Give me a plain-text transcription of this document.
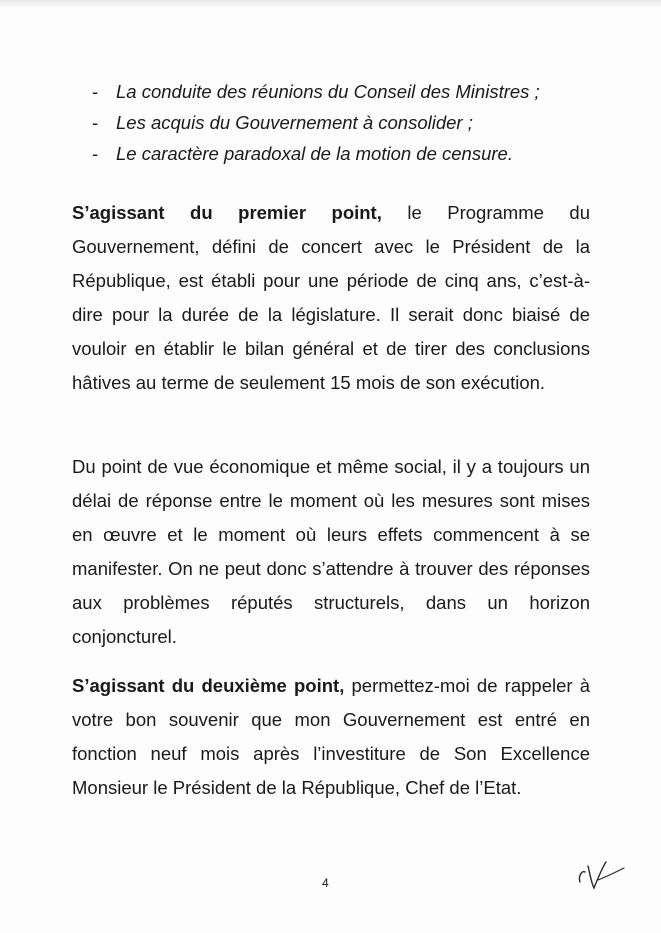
- La conduite des réunions du Conseil des Ministres ;
- Les acquis du Gouvernement à consolider ;
- Le caractère paradoxal de la motion de censure.

S’agissant du premier point, le Programme du Gouvernement, défini de concert avec le Président de la République, est établi pour une période de cinq ans, c’est-à-dire pour la durée de la législature. Il serait donc biaisé de vouloir en établir le bilan général et de tirer des conclusions hâtives au terme de seulement 15 mois de son exécution.

Du point de vue économique et même social, il y a toujours un délai de réponse entre le moment où les mesures sont mises en œuvre et le moment où leurs effets commencent à se manifester. On ne peut donc s’attendre à trouver des réponses aux problèmes réputés structurels, dans un horizon conjoncturel.

S’agissant du deuxième point, permettez-moi de rappeler à votre bon souvenir que mon Gouvernement est entré en fonction neuf mois après l’investiture de Son Excellence Monsieur le Président de la République, Chef de l’Etat.

4
